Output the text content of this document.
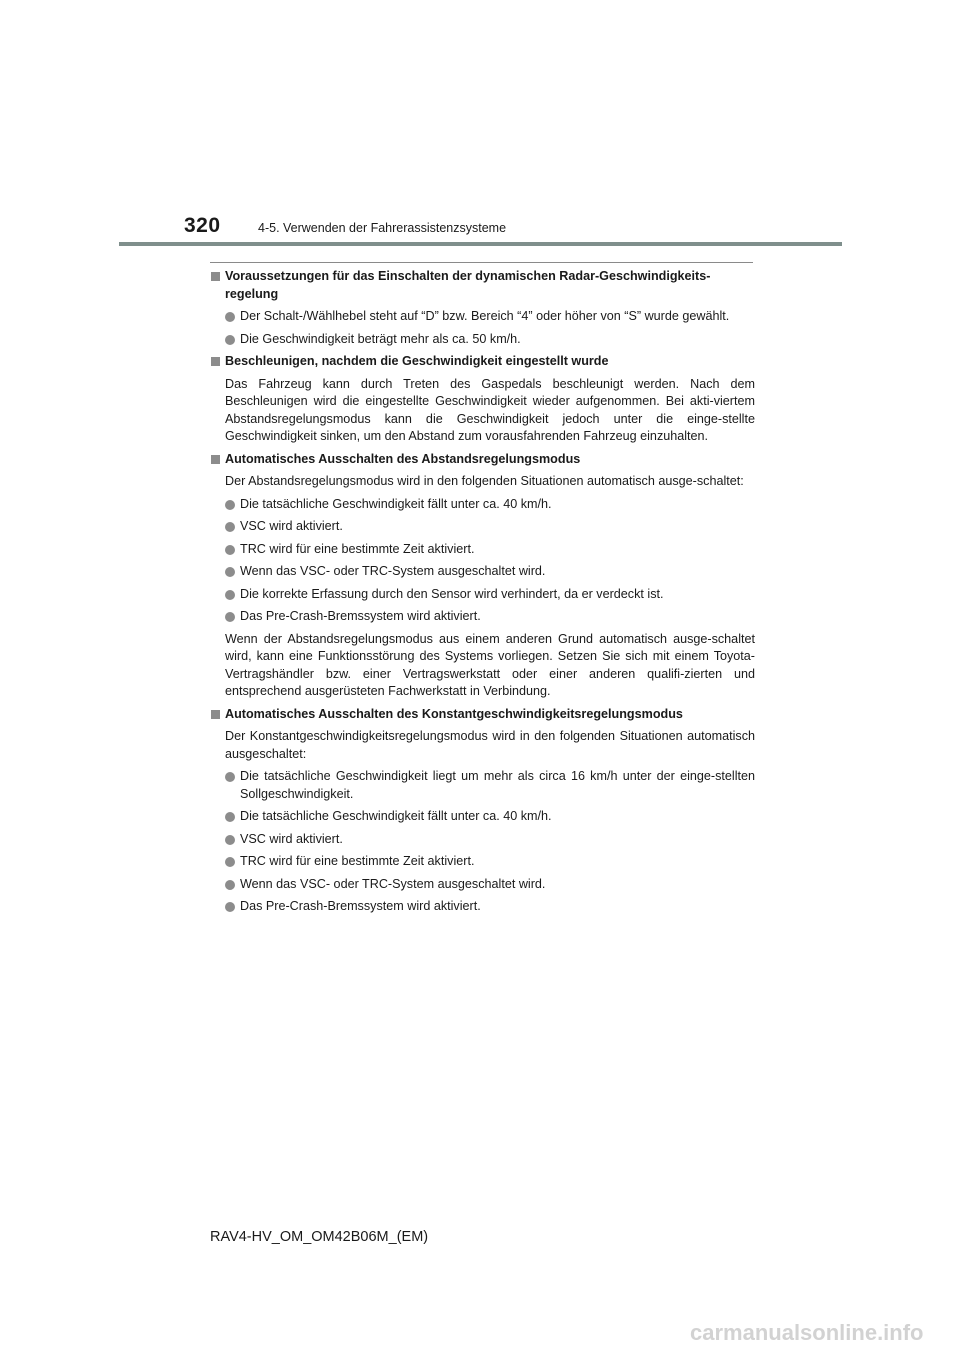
320	4-5. Verwenden der Fahrerassistenzsysteme
Voraussetzungen für das Einschalten der dynamischen Radar-Geschwindigkeits-regelung
Der Schalt-/Wählhebel steht auf “D” bzw. Bereich “4” oder höher von “S” wurde gewählt.
Die Geschwindigkeit beträgt mehr als ca. 50 km/h.
Beschleunigen, nachdem die Geschwindigkeit eingestellt wurde
Das Fahrzeug kann durch Treten des Gaspedals beschleunigt werden. Nach dem Beschleunigen wird die eingestellte Geschwindigkeit wieder aufgenommen. Bei akti-viertem Abstandsregelungsmodus kann die Geschwindigkeit jedoch unter die einge-stellte Geschwindigkeit sinken, um den Abstand zum vorausfahrenden Fahrzeug einzuhalten.
Automatisches Ausschalten des Abstandsregelungsmodus
Der Abstandsregelungsmodus wird in den folgenden Situationen automatisch ausge-schaltet:
Die tatsächliche Geschwindigkeit fällt unter ca. 40 km/h.
VSC wird aktiviert.
TRC wird für eine bestimmte Zeit aktiviert.
Wenn das VSC- oder TRC-System ausgeschaltet wird.
Die korrekte Erfassung durch den Sensor wird verhindert, da er verdeckt ist.
Das Pre-Crash-Bremssystem wird aktiviert.
Wenn der Abstandsregelungsmodus aus einem anderen Grund automatisch ausge-schaltet wird, kann eine Funktionsstörung des Systems vorliegen. Setzen Sie sich mit einem Toyota-Vertragshändler bzw. einer Vertragswerkstatt oder einer anderen qualifi-zierten und entsprechend ausgerüsteten Fachwerkstatt in Verbindung.
Automatisches Ausschalten des Konstantgeschwindigkeitsregelungsmodus
Der Konstantgeschwindigkeitsregelungsmodus wird in den folgenden Situationen automatisch ausgeschaltet:
Die tatsächliche Geschwindigkeit liegt um mehr als circa 16 km/h unter der einge-stellten Sollgeschwindigkeit.
Die tatsächliche Geschwindigkeit fällt unter ca. 40 km/h.
VSC wird aktiviert.
TRC wird für eine bestimmte Zeit aktiviert.
Wenn das VSC- oder TRC-System ausgeschaltet wird.
Das Pre-Crash-Bremssystem wird aktiviert.
RAV4-HV_OM_OM42B06M_(EM)
carmanualsonline.info
